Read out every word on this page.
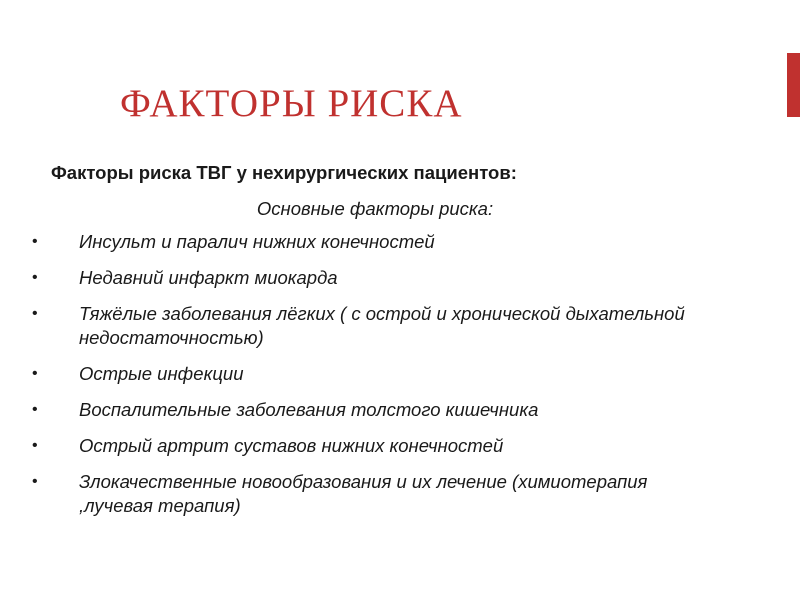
ФАКТОРЫ РИСКА

Факторы риска ТВГ у нехирургических пациентов:

Основные факторы риска:

•	Инсульт и паралич нижних конечностей
•	Недавний инфаркт миокарда
•	Тяжёлые заболевания лёгких ( с острой и хронической дыхательной недостаточностью)
•	Острые инфекции
•	Воспалительные заболевания толстого кишечника
•	Острый артрит суставов нижних конечностей
•	Злокачественные новообразования и их лечение (химиотерапия ,лучевая терапия)
